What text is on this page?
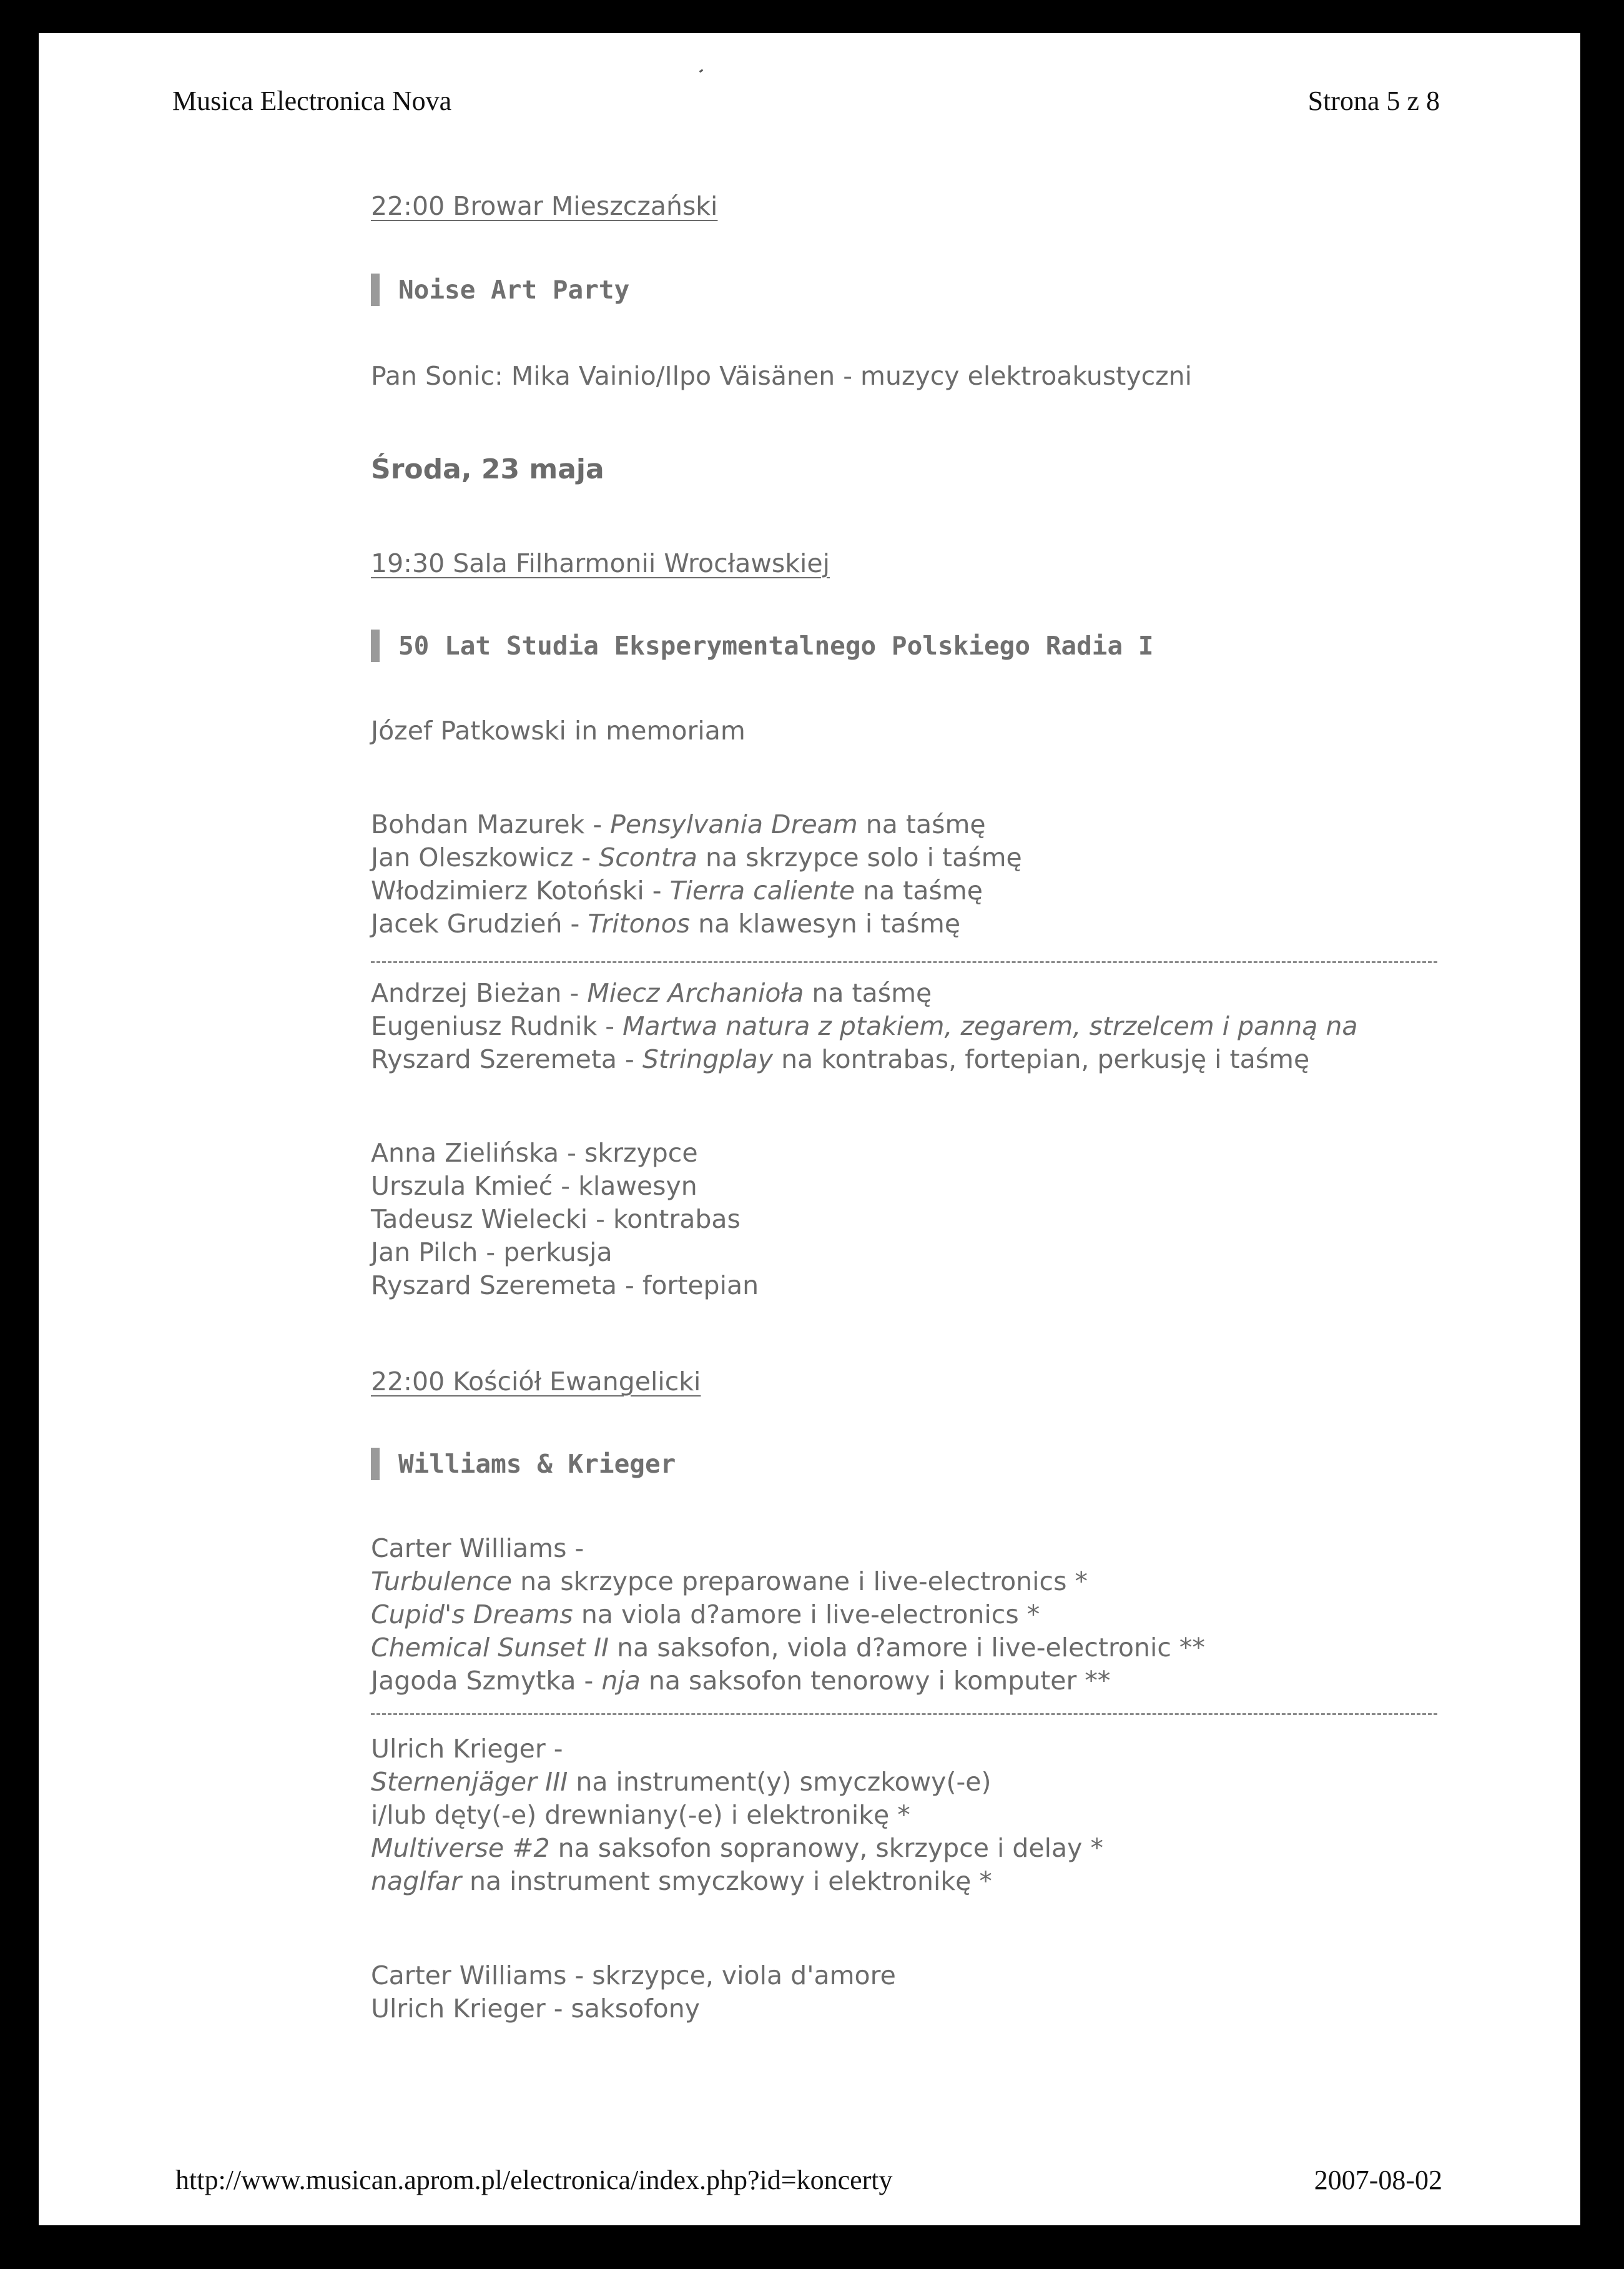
Musica Electronica Nova	Strona 5 z 8
http://www.musican.aprom.pl/electronica/index.php?id=koncerty	2007-08-02
22:00 Browar Mieszczański
Noise Art Party
Pan Sonic: Mika Vainio/Ilpo Väisänen - muzycy elektroakustyczni
Środa, 23 maja
19:30 Sala Filharmonii Wrocławskiej
50 Lat Studia Eksperymentalnego Polskiego Radia I
Józef Patkowski in memoriam
Bohdan Mazurek - Pensylvania Dream na taśmę
Jan Oleszkowicz - Scontra na skrzypce solo i taśmę
Włodzimierz Kotoński - Tierra caliente na taśmę
Jacek Grudzień - Tritonos na klawesyn i taśmę
Andrzej Bieżan - Miecz Archanioła na taśmę
Eugeniusz Rudnik - Martwa natura z ptakiem, zegarem, strzelcem i panną na
Ryszard Szeremeta - Stringplay na kontrabas, fortepian, perkusję i taśmę
Anna Zielińska - skrzypce
Urszula Kmieć - klawesyn
Tadeusz Wielecki - kontrabas
Jan Pilch - perkusja
Ryszard Szeremeta - fortepian
22:00 Kościół Ewangelicki
Williams & Krieger
Carter Williams -
Turbulence na skrzypce preparowane i live-electronics *
Cupid's Dreams na viola d?amore i live-electronics *
Chemical Sunset II na saksofon, viola d?amore i live-electronic **
Jagoda Szmytka - nja na saksofon tenorowy i komputer **
Ulrich Krieger -
Sternenjäger III na instrument(y) smyczkowy(-e)
i/lub dęty(-e) drewniany(-e) i elektronikę *
Multiverse #2 na saksofon sopranowy, skrzypce i delay *
naglfar na instrument smyczkowy i elektronikę *
Carter Williams - skrzypce, viola d'amore
Ulrich Krieger - saksofony
